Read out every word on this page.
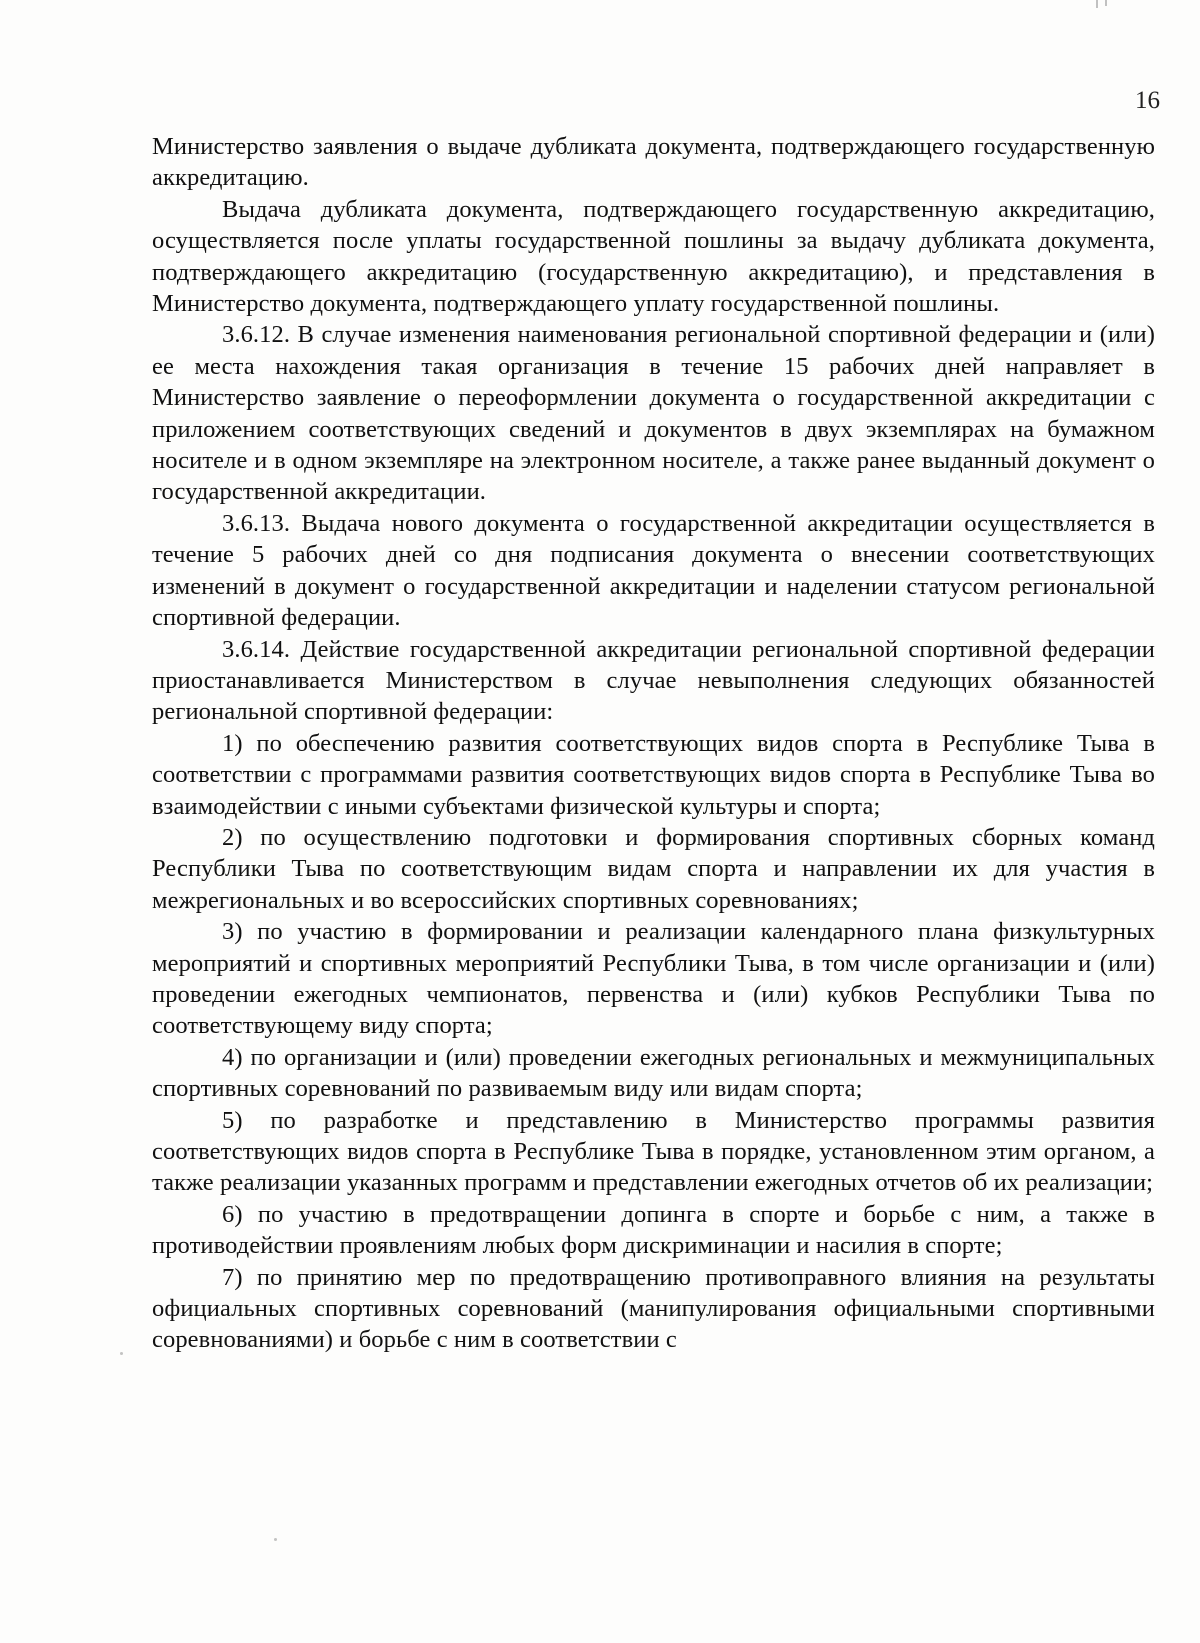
16

Министерство заявления о выдаче дубликата документа, подтверждающего государственную аккредитацию.

Выдача дубликата документа, подтверждающего государственную аккредитацию, осуществляется после уплаты государственной пошлины за выдачу дубликата документа, подтверждающего аккредитацию (государственную аккредитацию), и представления в Министерство документа, подтверждающего уплату государственной пошлины.

3.6.12. В случае изменения наименования региональной спортивной федерации и (или) ее места нахождения такая организация в течение 15 рабочих дней направляет в Министерство заявление о переоформлении документа о государственной аккредитации с приложением соответствующих сведений и документов в двух экземплярах на бумажном носителе и в одном экземпляре на электронном носителе, а также ранее выданный документ о государственной аккредитации.

3.6.13. Выдача нового документа о государственной аккредитации осуществляется в течение 5 рабочих дней со дня подписания документа о внесении соответствующих изменений в документ о государственной аккредитации и наделении статусом региональной спортивной федерации.

3.6.14. Действие государственной аккредитации региональной спортивной федерации приостанавливается Министерством в случае невыполнения следующих обязанностей региональной спортивной федерации:

1) по обеспечению развития соответствующих видов спорта в Республике Тыва в соответствии с программами развития соответствующих видов спорта в Республике Тыва во взаимодействии с иными субъектами физической культуры и спорта;

2) по осуществлению подготовки и формирования спортивных сборных команд Республики Тыва по соответствующим видам спорта и направлении их для участия в межрегиональных и во всероссийских спортивных соревнованиях;

3) по участию в формировании и реализации календарного плана физкультурных мероприятий и спортивных мероприятий Республики Тыва, в том числе организации и (или) проведении ежегодных чемпионатов, первенства и (или) кубков Республики Тыва по соответствующему виду спорта;

4) по организации и (или) проведении ежегодных региональных и межмуниципальных спортивных соревнований по развиваемым виду или видам спорта;

5) по разработке и представлению в Министерство программы развития соответствующих видов спорта в Республике Тыва в порядке, установленном этим органом, а также реализации указанных программ и представлении ежегодных отчетов об их реализации;

6) по участию в предотвращении допинга в спорте и борьбе с ним, а также в противодействии проявлениям любых форм дискриминации и насилия в спорте;

7) по принятию мер по предотвращению противоправного влияния на результаты официальных спортивных соревнований (манипулирования официальными спортивными соревнованиями) и борьбе с ним в соответствии с
